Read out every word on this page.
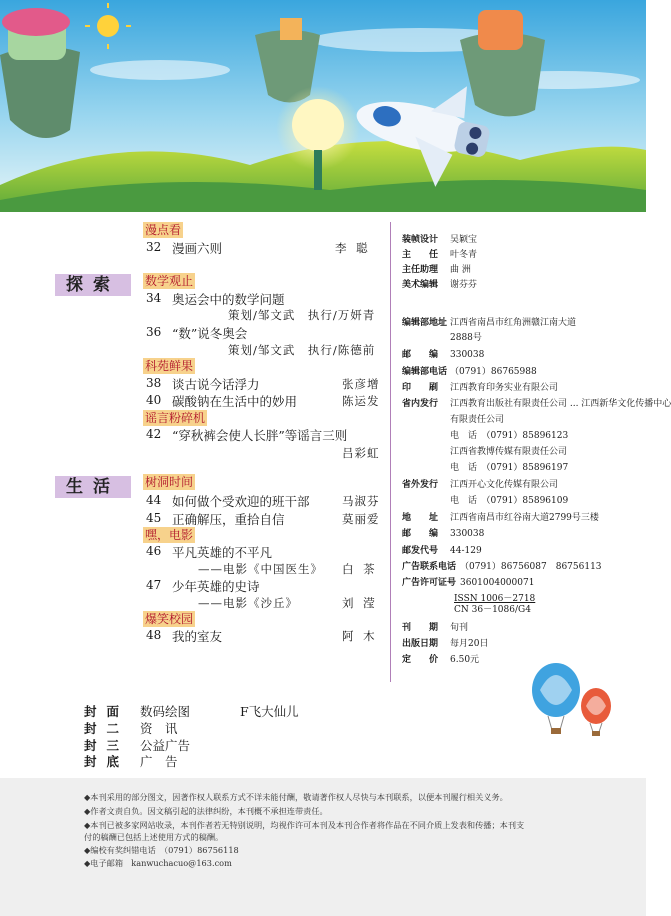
漫点看
32 漫画六则	李 聪
探索	数学观止
34 奥运会中的数学问题
策划/邹文武　执行/万妍青
36 “数”说冬奥会
策划/邹文武　执行/陈德前
科苑鲜果
38 谈古说今话浮力	张彦增
40 碳酸钠在生活中的妙用	陈运发
谣言粉碎机
42 “穿秋裤会使人长胖”等谣言三则
吕彩虹
生活	树洞时间
44 如何做个受欢迎的班干部	马淑芬
45 正确解压，重拾自信	莫丽爱
嘿，电影
46 平凡英雄的不平凡
——电影《中国医生》 白 茶
47 少年英雄的史诗
——电影《沙丘》	刘 滢
爆笑校园
48 我的室友	阿 木
装帧设计 吴颖宝
主　　任 叶冬青
主任助理 曲 洲
美术编辑 谢芬芬
编辑部地址 江西省南昌市红角洲赣江南大道
2888号
邮　　编 330038
编辑部电话 （0791）86765988
印　　刷 江西教育印务实业有限公司
省内发行 江西教育出版社有限责任公司 ... 江西新华文化传播中心
有限责任公司
电　话　（0791）85896123
江西省教博传媒有限责任公司
电　话　（0791）85896197
省外发行 江西开心文化传媒有限公司
电　话　（0791）85896109
地　　址 江西省南昌市红谷南大道2799号三楼
邮　　编 330038
邮发代号 44-129
广告联系电话 （0791）86756087　86756113
广告许可证号 3601004000071
ISSN 1006－2718
CN 36－1086/G4
刊　　期 旬刊
出版日期 每月20日
定　　价 6.50元
封面 数码绘图　　　　F飞大仙儿
封二 资　讯
封三 公益广告
封底 广　告
◆本刊采用的部分图文，因著作权人联系方式不详未能付酬，敬请著作权人尽快与本刊联系，以便本刊履行相关义务。
◆作者文责自负。因文稿引起的法律纠纷，本刊概不承担连带责任。
◆本刊已被多家网站收录，本刊作者若无特别说明，均视作许可本刊及本刊合作者将作品在不同介质上发表和传播；本刊支
付的稿酬已包括上述使用方式的稿酬。
◆编校有奖纠错电话　（0791）86756118
◆电子邮箱　kanwuchacuo@163.com
